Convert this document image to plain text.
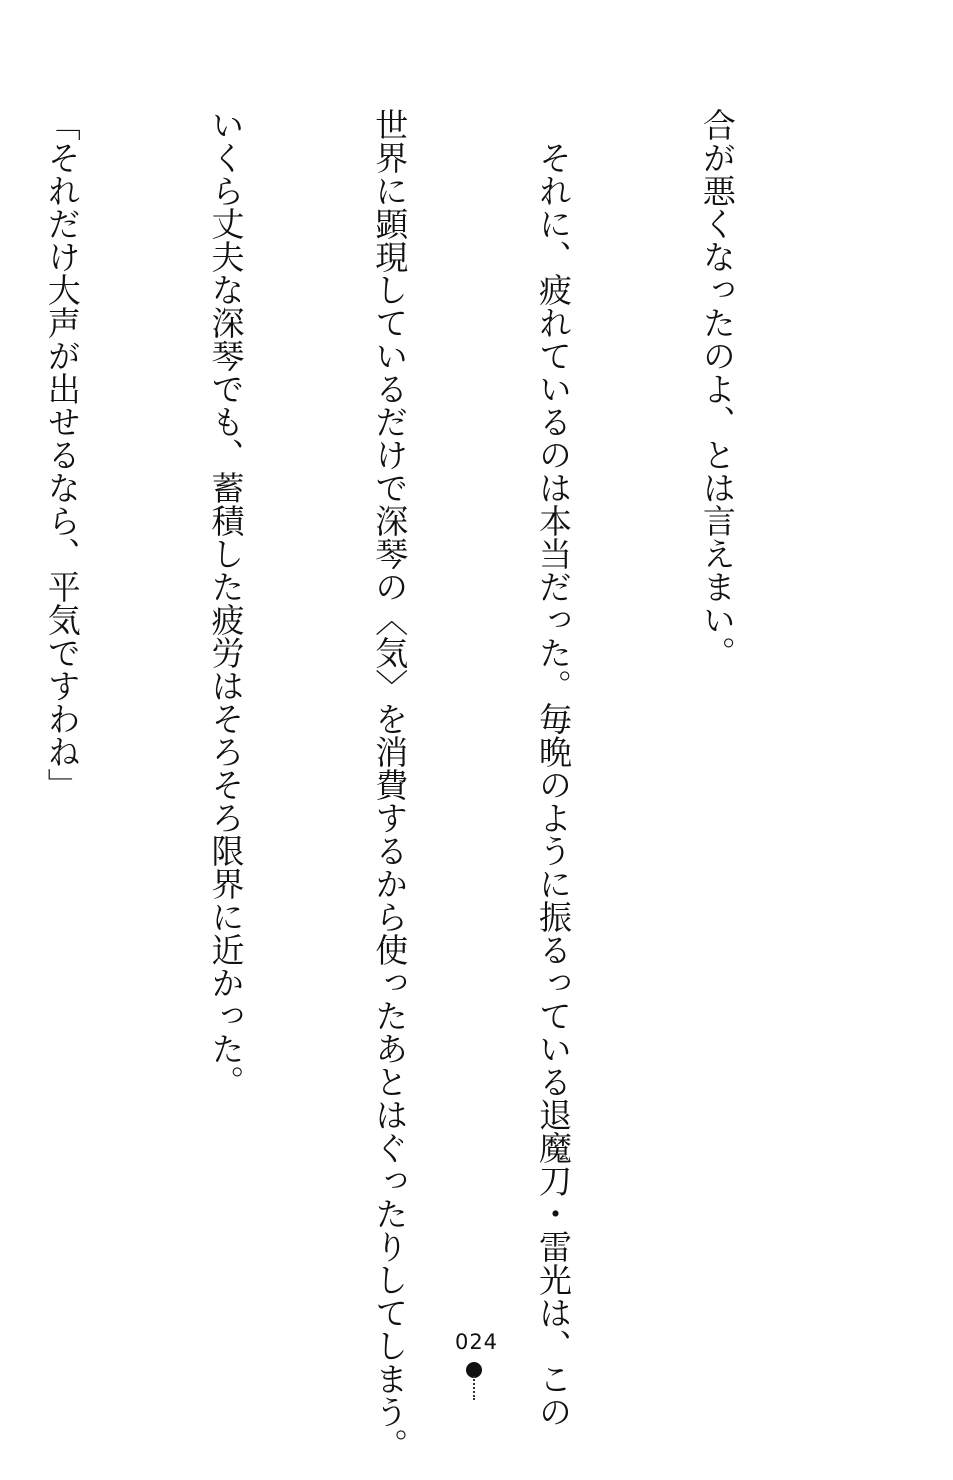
合が悪くなったのよ、とは言えまい。

　それに、疲れているのは本当だった。毎晩のように振るっている退魔刀・雷光は、この

世界に顕現しているだけで深琴の〈気〉を消費するから使ったあとはぐったりしてしまう。

いくら丈夫な深琴でも、蓄積した疲労はそろそろ限界に近かった。

「それだけ大声が出せるなら、平気ですわね」

024
